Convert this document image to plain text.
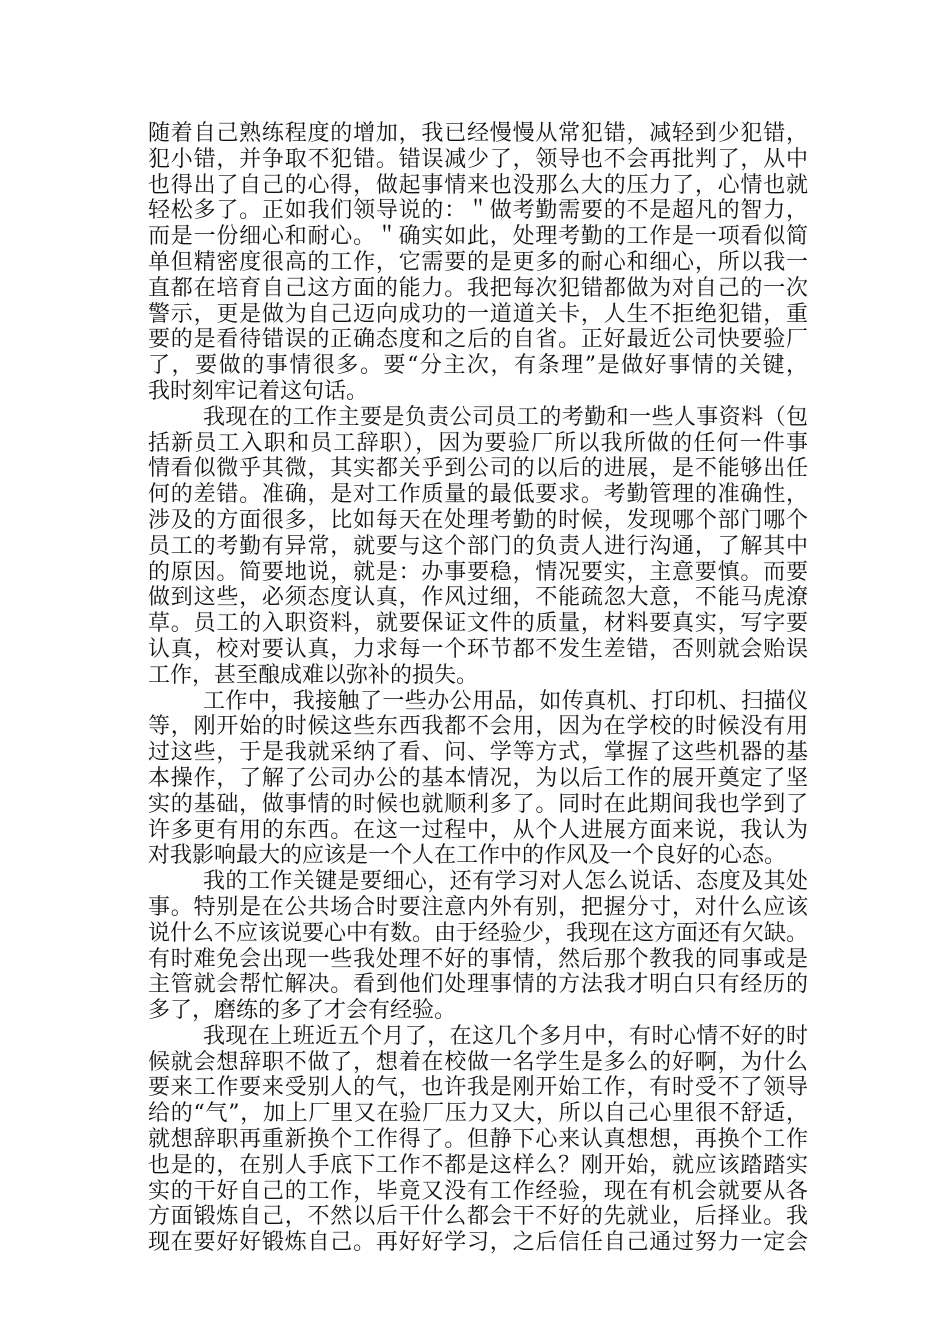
随着自己熟练程度的增加，我已经慢慢从常犯错，减轻到少犯错，
犯小错，并争取不犯错。错误减少了，领导也不会再批判了，从中
也得出了自己的心得，做起事情来也没那么大的压力了，心情也就
轻松多了。正如我们领导说的：＂做考勤需要的不是超凡的智力，
而是一份细心和耐心。＂确实如此，处理考勤的工作是一项看似简
单但精密度很高的工作，它需要的是更多的耐心和细心，所以我一
直都在培育自己这方面的能力。我把每次犯错都做为对自己的一次
警示，更是做为自己迈向成功的一道道关卡，人生不拒绝犯错，重
要的是看待错误的正确态度和之后的自省。正好最近公司快要验厂
了，要做的事情很多。要“分主次，有条理”是做好事情的关键，
我时刻牢记着这句话。
我现在的工作主要是负责公司员工的考勤和一些人事资料（包
括新员工入职和员工辞职），因为要验厂所以我所做的任何一件事
情看似微乎其微，其实都关乎到公司的以后的进展，是不能够出任
何的差错。准确，是对工作质量的最低要求。考勤管理的准确性，
涉及的方面很多，比如每天在处理考勤的时候，发现哪个部门哪个
员工的考勤有异常，就要与这个部门的负责人进行沟通，了解其中
的原因。简要地说，就是：办事要稳，情况要实，主意要慎。而要
做到这些，必须态度认真，作风过细，不能疏忽大意，不能马虎潦
草。员工的入职资料，就要保证文件的质量，材料要真实，写字要
认真，校对要认真，力求每一个环节都不发生差错，否则就会贻误
工作，甚至酿成难以弥补的损失。
工作中，我接触了一些办公用品，如传真机、打印机、扫描仪
等，刚开始的时候这些东西我都不会用，因为在学校的时候没有用
过这些，于是我就采纳了看、问、学等方式，掌握了这些机器的基
本操作，了解了公司办公的基本情况，为以后工作的展开奠定了坚
实的基础，做事情的时候也就顺利多了。同时在此期间我也学到了
许多更有用的东西。在这一过程中，从个人进展方面来说，我认为
对我影响最大的应该是一个人在工作中的作风及一个良好的心态。
我的工作关键是要细心，还有学习对人怎么说话、态度及其处
事。特别是在公共场合时要注意内外有别，把握分寸，对什么应该
说什么不应该说要心中有数。由于经验少，我现在这方面还有欠缺。
有时难免会出现一些我处理不好的事情，然后那个教我的同事或是
主管就会帮忙解决。看到他们处理事情的方法我才明白只有经历的
多了，磨练的多了才会有经验。
我现在上班近五个月了，在这几个多月中，有时心情不好的时
候就会想辞职不做了，想着在校做一名学生是多么的好啊，为什么
要来工作要来受别人的气，也许我是刚开始工作，有时受不了领导
给的“气”，加上厂里又在验厂压力又大，所以自己心里很不舒适，
就想辞职再重新换个工作得了。但静下心来认真想想，再换个工作
也是的，在别人手底下工作不都是这样么？刚开始，就应该踏踏实
实的干好自己的工作，毕竟又没有工作经验，现在有机会就要从各
方面锻炼自己，不然以后干什么都会干不好的先就业，后择业。我
现在要好好锻炼自己。再好好学习，之后信任自己通过努力一定会
